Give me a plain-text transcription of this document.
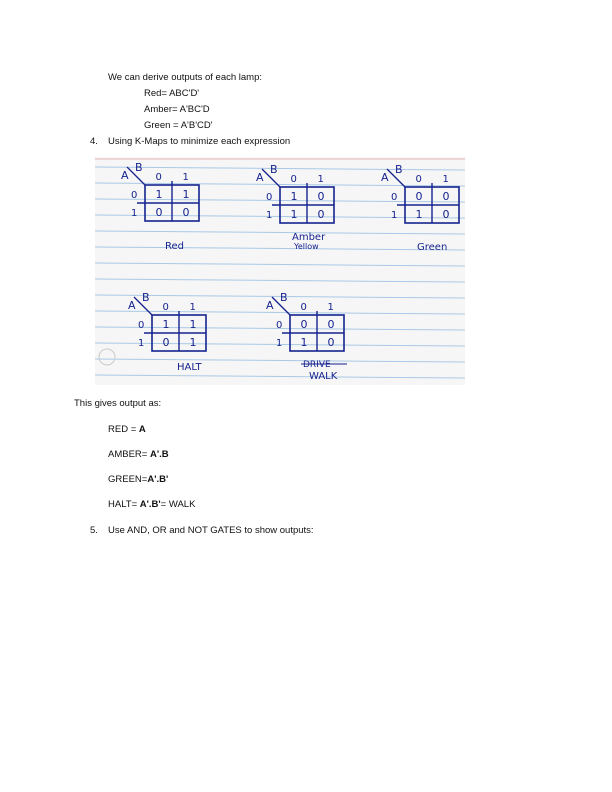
We can derive outputs of each lamp:
Red= ABC'D'
Amber= A'BC'D
Green = A'B'CD'
4. Using K-Maps to minimize each expression
A
B
0 1
0
1
1 1
0 0
Red
A
B
0 1
0
1
1 0
1 0
Amber
Yellow
A
B
0 1
0
1
0 0
1 0
Green
A
B
0 1
0
1
1 1
0 1
HALT
A
B
0 1
0
1
0 0
1 0
DRIVE
WALK
This gives output as:
RED = A
AMBER= A'.B
GREEN=A'.B'
HALT= A'.B'= WALK
5. Use AND, OR and NOT GATES to show outputs:
